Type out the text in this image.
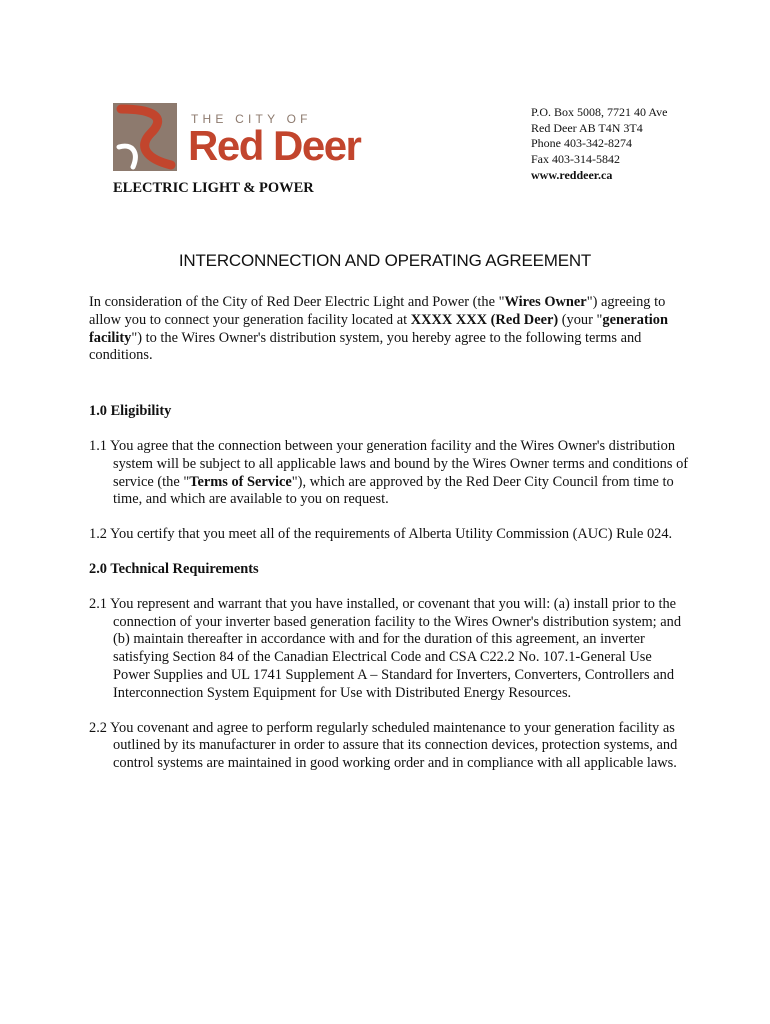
THE CITY OF
Red Deer
ELECTRIC LIGHT & POWER
P.O. Box 5008, 7721 40 Ave
Red Deer AB T4N 3T4
Phone 403-342-8274
Fax 403-314-5842
www.reddeer.ca
INTERCONNECTION AND OPERATING AGREEMENT

In consideration of the City of Red Deer Electric Light and Power (the "Wires Owner") agreeing to allow you to connect your generation facility located at XXXX XXX (Red Deer) (your "generation facility") to the Wires Owner's distribution system, you hereby agree to the following terms and conditions.

1.0 Eligibility

1.1 You agree that the connection between your generation facility and the Wires Owner's distribution system will be subject to all applicable laws and bound by the Wires Owner terms and conditions of service (the "Terms of Service"), which are approved by the Red Deer City Council from time to time, and which are available to you on request.

1.2 You certify that you meet all of the requirements of Alberta Utility Commission (AUC) Rule 024.

2.0 Technical Requirements

2.1 You represent and warrant that you have installed, or covenant that you will: (a) install prior to the connection of your inverter based generation facility to the Wires Owner's distribution system; and (b) maintain thereafter in accordance with and for the duration of this agreement, an inverter satisfying Section 84 of the Canadian Electrical Code and CSA C22.2 No. 107.1-General Use Power Supplies and UL 1741 Supplement A – Standard for Inverters, Converters, Controllers and Interconnection System Equipment for Use with Distributed Energy Resources.

2.2 You covenant and agree to perform regularly scheduled maintenance to your generation facility as outlined by its manufacturer in order to assure that its connection devices, protection systems, and control systems are maintained in good working order and in compliance with all applicable laws.
